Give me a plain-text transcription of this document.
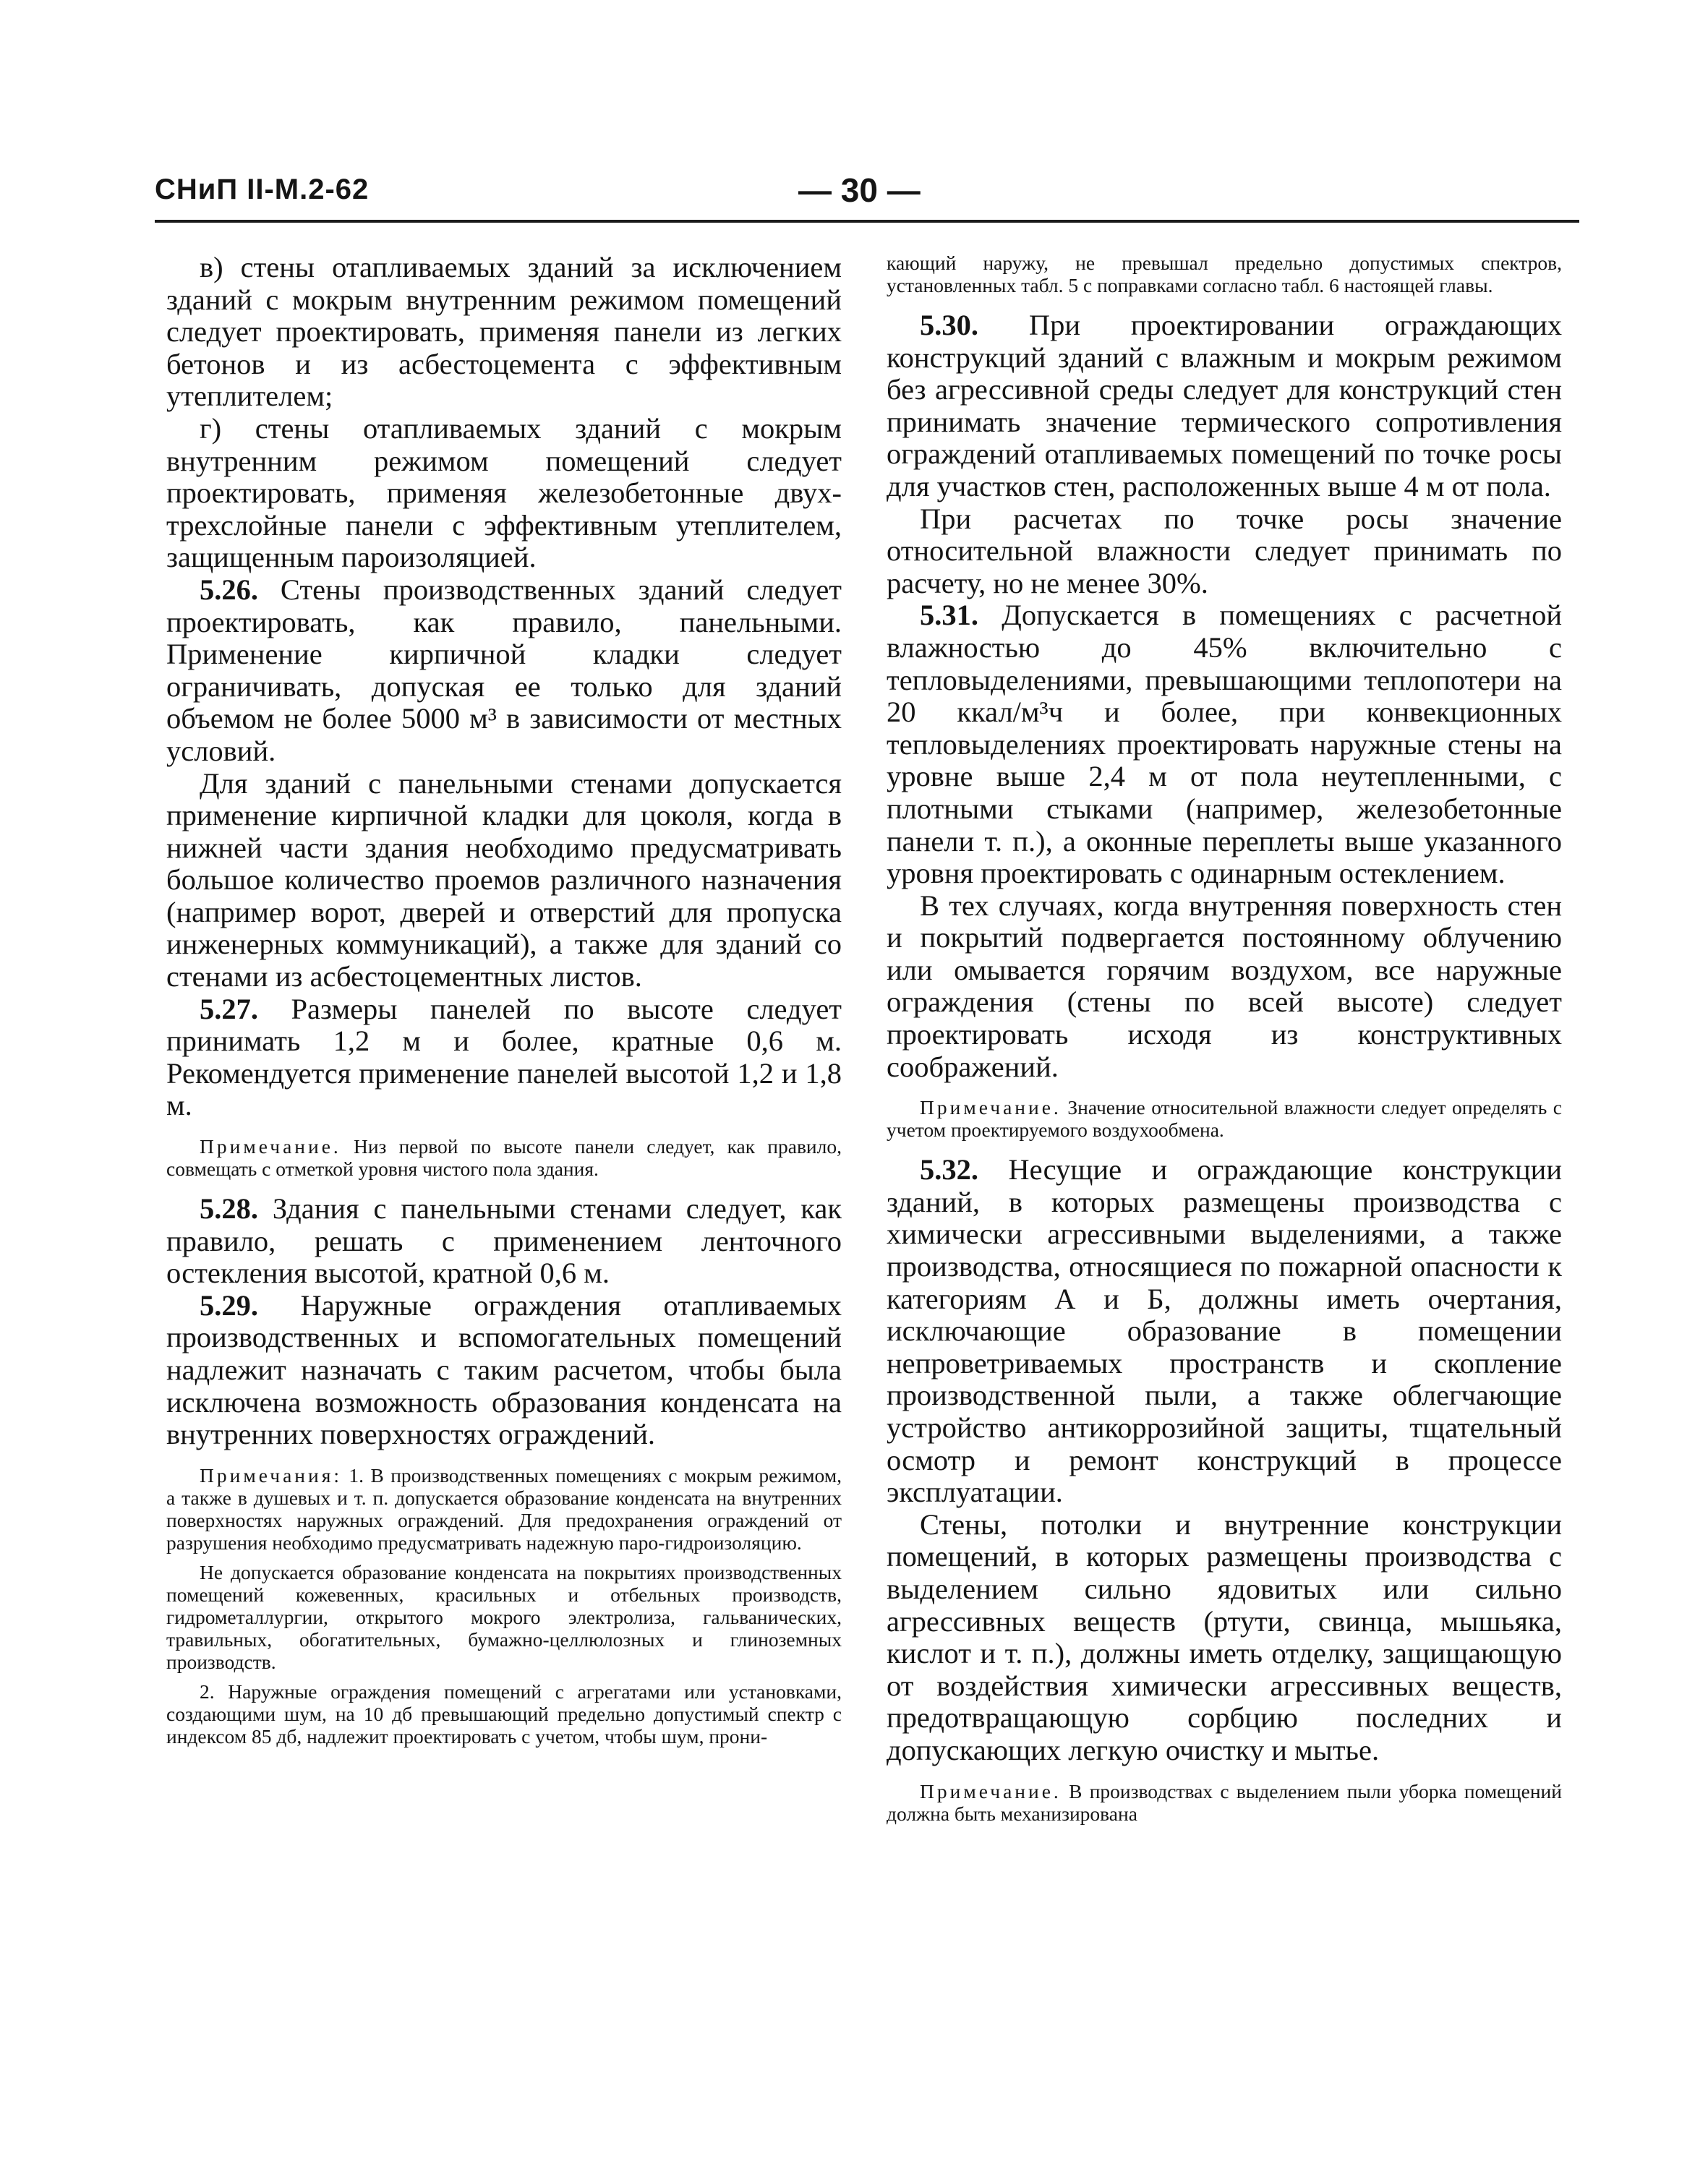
СНиП II-М.2-62	— 30 —

в) стены отапливаемых зданий за исключением зданий с мокрым внутренним режимом помещений следует проектировать, применяя панели из легких бетонов и из асбестоцемента с эффективным утеплителем;

г) стены отапливаемых зданий с мокрым внутренним режимом помещений следует проектировать, применяя железобетонные двух-трехслойные панели с эффективным утеплителем, защищенным пароизоляцией.

5.26. Стены производственных зданий следует проектировать, как правило, панельными. Применение кирпичной кладки следует ограничивать, допуская ее только для зданий объемом не более 5000 м³ в зависимости от местных условий.

Для зданий с панельными стенами допускается применение кирпичной кладки для цоколя, когда в нижней части здания необходимо предусматривать большое количество проемов различного назначения (например ворот, дверей и отверстий для пропуска инженерных коммуникаций), а также для зданий со стенами из асбестоцементных листов.

5.27. Размеры панелей по высоте следует принимать 1,2 м и более, кратные 0,6 м. Рекомендуется применение панелей высотой 1,2 и 1,8 м.

Примечание. Низ первой по высоте панели следует, как правило, совмещать с отметкой уровня чистого пола здания.

5.28. Здания с панельными стенами следует, как правило, решать с применением ленточного остекления высотой, кратной 0,6 м.

5.29. Наружные ограждения отапливаемых производственных и вспомогательных помещений надлежит назначать с таким расчетом, чтобы была исключена возможность образования конденсата на внутренних поверхностях ограждений.

Примечания: 1. В производственных помещениях с мокрым режимом, а также в душевых и т. п. допускается образование конденсата на внутренних поверхностях наружных ограждений. Для предохранения ограждений от разрушения необходимо предусматривать надежную паро-гидроизоляцию.

Не допускается образование конденсата на покрытиях производственных помещений кожевенных, красильных и отбельных производств, гидрометаллургии, открытого мокрого электролиза, гальванических, травильных, обогатительных, бумажно-целлюлозных и глиноземных производств.

2. Наружные ограждения помещений с агрегатами или установками, создающими шум, на 10 дб превышающий предельно допустимый спектр с индексом 85 дб, надлежит проектировать с учетом, чтобы шум, прони-

кающий наружу, не превышал предельно допустимых спектров, установленных табл. 5 с поправками согласно табл. 6 настоящей главы.

5.30. При проектировании ограждающих конструкций зданий с влажным и мокрым режимом без агрессивной среды следует для конструкций стен принимать значение термического сопротивления ограждений отапливаемых помещений по точке росы для участков стен, расположенных выше 4 м от пола.

При расчетах по точке росы значение относительной влажности следует принимать по расчету, но не менее 30%.

5.31. Допускается в помещениях с расчетной влажностью до 45% включительно с тепловыделениями, превышающими теплопотери на 20 ккал/м³ч и более, при конвекционных тепловыделениях проектировать наружные стены на уровне выше 2,4 м от пола неутепленными, с плотными стыками (например, железобетонные панели т. п.), а оконные переплеты выше указанного уровня проектировать с одинарным остеклением.

В тех случаях, когда внутренняя поверхность стен и покрытий подвергается постоянному облучению или омывается горячим воздухом, все наружные ограждения (стены по всей высоте) следует проектировать исходя из конструктивных соображений.

Примечание. Значение относительной влажности следует определять с учетом проектируемого воздухообмена.

5.32. Несущие и ограждающие конструкции зданий, в которых размещены производства с химически агрессивными выделениями, а также производства, относящиеся по пожарной опасности к категориям А и Б, должны иметь очертания, исключающие образование в помещении непроветриваемых пространств и скопление производственной пыли, а также облегчающие устройство антикоррозийной защиты, тщательный осмотр и ремонт конструкций в процессе эксплуатации.

Стены, потолки и внутренние конструкции помещений, в которых размещены производства с выделением сильно ядовитых или сильно агрессивных веществ (ртути, свинца, мышьяка, кислот и т. п.), должны иметь отделку, защищающую от воздействия химически агрессивных веществ, предотвращающую сорбцию последних и допускающих легкую очистку и мытье.

Примечание. В производствах с выделением пыли уборка помещений должна быть механизирована
